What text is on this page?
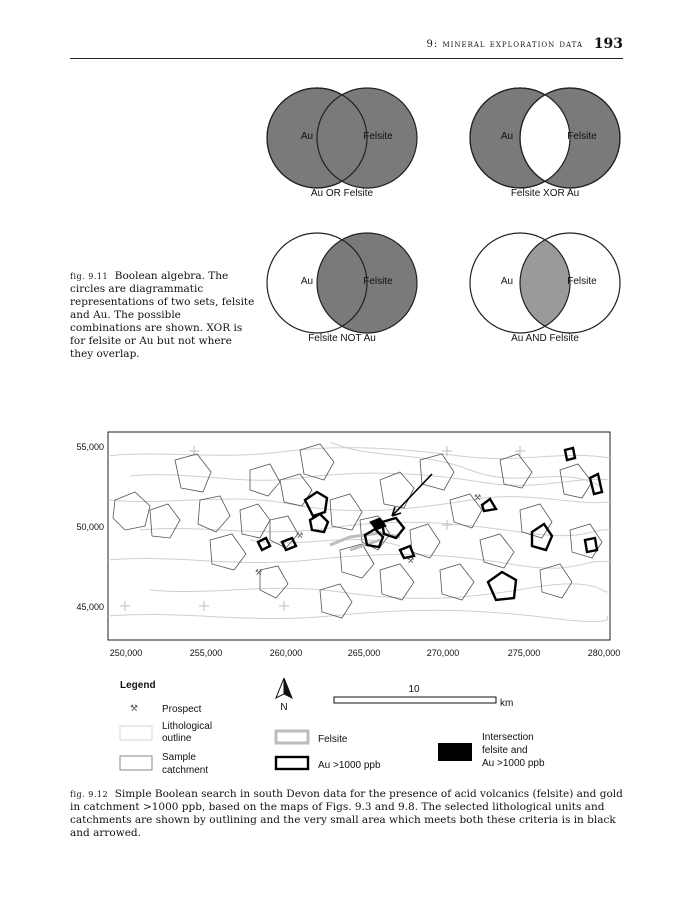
9: mineral exploration data 193
Au	Felsite
Au OR Felsite
Au	Felsite
Felsite XOR Au
Au	Felsite
Felsite NOT Au
Au	Felsite
Au AND Felsite
fig. 9.11 Boolean algebra. The circles are diagrammatic representations of two sets, felsite and Au. The possible combinations are shown. XOR is for felsite or Au but not where they overlap.
⚒
⚒
⚒
⚒
55,000
50,000
45,000
250,000	255,000	260,000	265,000	270,000	275,000	280,000
Legend
⚒ Prospect
Lithological
outline
Sample
catchment
N
10
km
Felsite
Au >1000 ppb
Intersection
felsite and
Au >1000 ppb
fig. 9.12 Simple Boolean search in south Devon data for the presence of acid volcanics (felsite) and gold in catchment >1000 ppb, based on the maps of Figs. 9.3 and 9.8. The selected lithological units and catchments are shown by outlining and the very small area which meets both these criteria is in black and arrowed.
